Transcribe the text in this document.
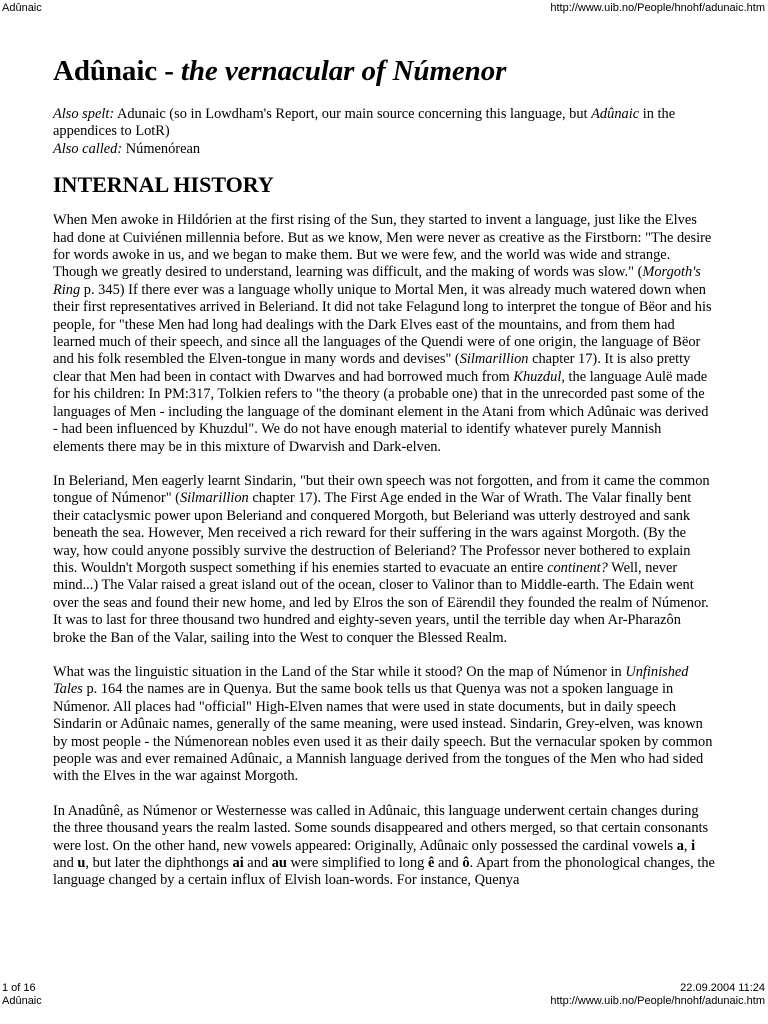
Adûnaic	http://www.uib.no/People/hnohf/adunaic.htm
Adûnaic - the vernacular of Númenor
Also spelt: Adunaic (so in Lowdham's Report, our main source concerning this language, but Adûnaic in the appendices to LotR)
Also called: Númenórean
INTERNAL HISTORY

When Men awoke in Hildórien at the first rising of the Sun, they started to invent a language, just like the Elves had done at Cuiviénen millennia before. But as we know, Men were never as creative as the Firstborn: "The desire for words awoke in us, and we began to make them. But we were few, and the world was wide and strange. Though we greatly desired to understand, learning was difficult, and the making of words was slow." (Morgoth's Ring p. 345) If there ever was a language wholly unique to Mortal Men, it was already much watered down when their first representatives arrived in Beleriand. It did not take Felagund long to interpret the tongue of Bëor and his people, for "these Men had long had dealings with the Dark Elves east of the mountains, and from them had learned much of their speech, and since all the languages of the Quendi were of one origin, the language of Bëor and his folk resembled the Elven-tongue in many words and devises" (Silmarillion chapter 17). It is also pretty clear that Men had been in contact with Dwarves and had borrowed much from Khuzdul, the language Aulë made for his children: In PM:317, Tolkien refers to "the theory (a probable one) that in the unrecorded past some of the languages of Men - including the language of the dominant element in the Atani from which Adûnaic was derived - had been influenced by Khuzdul". We do not have enough material to identify whatever purely Mannish elements there may be in this mixture of Dwarvish and Dark-elven.

In Beleriand, Men eagerly learnt Sindarin, "but their own speech was not forgotten, and from it came the common tongue of Númenor" (Silmarillion chapter 17). The First Age ended in the War of Wrath. The Valar finally bent their cataclysmic power upon Beleriand and conquered Morgoth, but Beleriand was utterly destroyed and sank beneath the sea. However, Men received a rich reward for their suffering in the wars against Morgoth. (By the way, how could anyone possibly survive the destruction of Beleriand? The Professor never bothered to explain this. Wouldn't Morgoth suspect something if his enemies started to evacuate an entire continent? Well, never mind...) The Valar raised a great island out of the ocean, closer to Valinor than to Middle-earth. The Edain went over the seas and found their new home, and led by Elros the son of Eärendil they founded the realm of Númenor. It was to last for three thousand two hundred and eighty-seven years, until the terrible day when Ar-Pharazôn broke the Ban of the Valar, sailing into the West to conquer the Blessed Realm.

What was the linguistic situation in the Land of the Star while it stood? On the map of Númenor in Unfinished Tales p. 164 the names are in Quenya. But the same book tells us that Quenya was not a spoken language in Númenor. All places had "official" High-Elven names that were used in state documents, but in daily speech Sindarin or Adûnaic names, generally of the same meaning, were used instead. Sindarin, Grey-elven, was known by most people - the Númenorean nobles even used it as their daily speech. But the vernacular spoken by common people was and ever remained Adûnaic, a Mannish language derived from the tongues of the Men who had sided with the Elves in the war against Morgoth.

In Anadûnê, as Númenor or Westernesse was called in Adûnaic, this language underwent certain changes during the three thousand years the realm lasted. Some sounds disappeared and others merged, so that certain consonants were lost. On the other hand, new vowels appeared: Originally, Adûnaic only possessed the cardinal vowels a, i and u, but later the diphthongs ai and au were simplified to long ê and ô. Apart from the phonological changes, the language changed by a certain influx of Elvish loan-words. For instance, Quenya

1 of 16
Adûnaic
22.09.2004 11:24
http://www.uib.no/People/hnohf/adunaic.htm
